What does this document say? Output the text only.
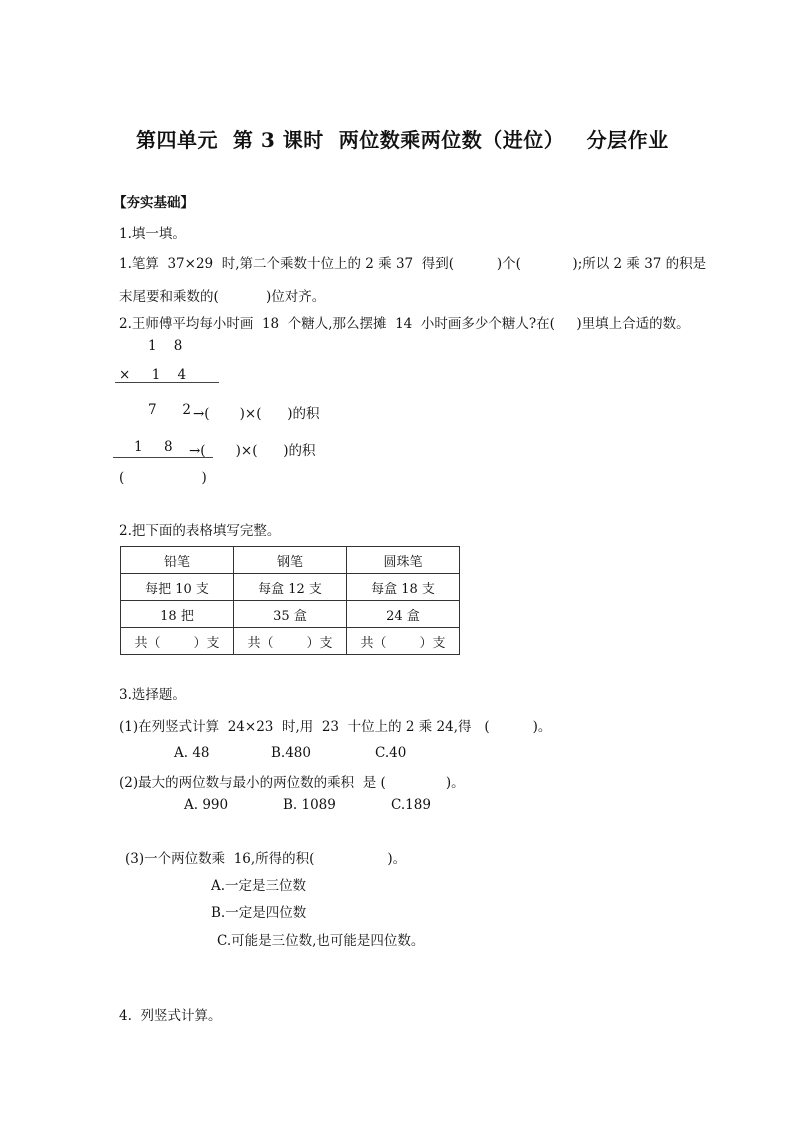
第四单元  第 3 课时  两位数乘两位数（进位）   分层作业
【夯实基础】
1.填一填。
1.笔算  37×29  时,第二个乘数十位上的 2 乘 37  得到(          )个(            );所以 2 乘 37 的积是
末尾要和乘数的(           )位对齐。
2.王师傅平均每小时画  18  个糖人,那么摆摊  14  小时画多少个糖人?在(     )里填上合适的数。
1    8
×     1    4
7      2 →(       )×(      )的积
1     8 →(       )×(      )的积
(                  )
2.把下面的表格填写完整。
铅笔	钢笔	圆珠笔
每把 10 支	每盒 12 支	每盒 18 支
18 把	35 盒	24 盒
共（        ）支	共（        ）支	共（        ）支
3.选择题。
(1)在列竖式计算  24×23  时,用  23  十位上的 2 乘 24,得   (          )。
A. 48	B.480	C.40
(2)最大的两位数与最小的两位数的乘积  是 (              )。
A. 990	B. 1089	C.189
(3)一个两位数乘  16,所得的积(                 )。
A.一定是三位数
B.一定是四位数
C.可能是三位数,也可能是四位数。
4.  列竖式计算。
